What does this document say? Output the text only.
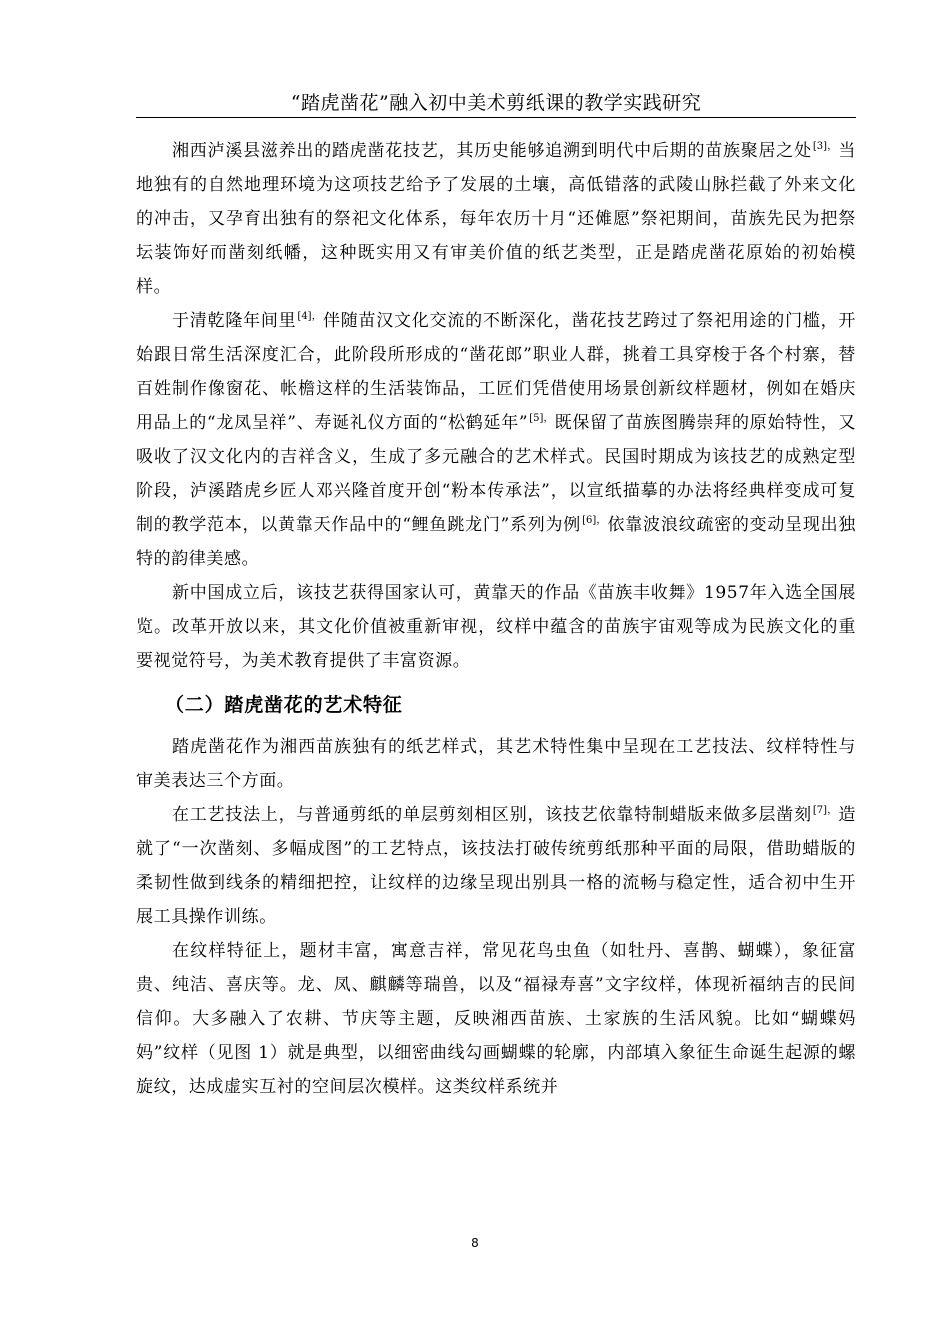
“踏虎凿花”融入初中美术剪纸课的教学实践研究

湘西泸溪县滋养出的踏虎凿花技艺，其历史能够追溯到明代中后期的苗族聚居之处$^{[3],}$当地独有的自然地理环境为这项技艺给予了发展的土壤，高低错落的武陵山脉拦截了外来文化的冲击，又孕育出独有的祭祀文化体系，每年农历十月“还傩愿”祭祀期间，苗族先民为把祭坛装饰好而凿刻纸幡，这种既实用又有审美价值的纸艺类型，正是踏虎凿花原始的初始模样。

于清乾隆年间里$^{[4],}$伴随苗汉文化交流的不断深化，凿花技艺跨过了祭祀用途的门槛，开始跟日常生活深度汇合，此阶段所形成的“凿花郎”职业人群，挑着工具穿梭于各个村寨，替百姓制作像窗花、帐檐这样的生活装饰品，工匠们凭借使用场景创新纹样题材，例如在婚庆用品上的“龙凤呈祥”、寿诞礼仪方面的“松鹤延年”$^{[5],}$既保留了苗族图腾崇拜的原始特性，又吸收了汉文化内的吉祥含义，生成了多元融合的艺术样式。民国时期成为该技艺的成熟定型阶段，泸溪踏虎乡匠人邓兴隆首度开创“粉本传承法”，以宣纸描摹的办法将经典样变成可复制的教学范本，以黄靠天作品中的“鲤鱼跳龙门”系列为例$^{[6],}$依靠波浪纹疏密的变动呈现出独特的韵律美感。

新中国成立后，该技艺获得国家认可，黄靠天的作品《苗族丰收舞》1957年入选全国展览。改革开放以来，其文化价值被重新审视，纹样中蕴含的苗族宇宙观等成为民族文化的重要视觉符号，为美术教育提供了丰富资源。

（二）踏虎凿花的艺术特征

踏虎凿花作为湘西苗族独有的纸艺样式，其艺术特性集中呈现在工艺技法、纹样特性与审美表达三个方面。

在工艺技法上，与普通剪纸的单层剪刻相区别，该技艺依靠特制蜡版来做多层凿刻$^{[7],}$造就了“一次凿刻、多幅成图”的工艺特点，该技法打破传统剪纸那种平面的局限，借助蜡版的柔韧性做到线条的精细把控，让纹样的边缘呈现出别具一格的流畅与稳定性，适合初中生开展工具操作训练。

在纹样特征上，题材丰富，寓意吉祥，常见花鸟虫鱼（如牡丹、喜鹊、蝴蝶），象征富贵、纯洁、喜庆等。龙、凤、麒麟等瑞兽，以及“福禄寿喜”文字纹样，体现祈福纳吉的民间信仰。大多融入了农耕、节庆等主题，反映湘西苗族、土家族的生活风貌。比如“蝴蝶妈妈”纹样（见图 1）就是典型，以细密曲线勾画蝴蝶的轮廓，内部填入象征生命诞生起源的螺旋纹，达成虚实互衬的空间层次模样。这类纹样系统并

8
